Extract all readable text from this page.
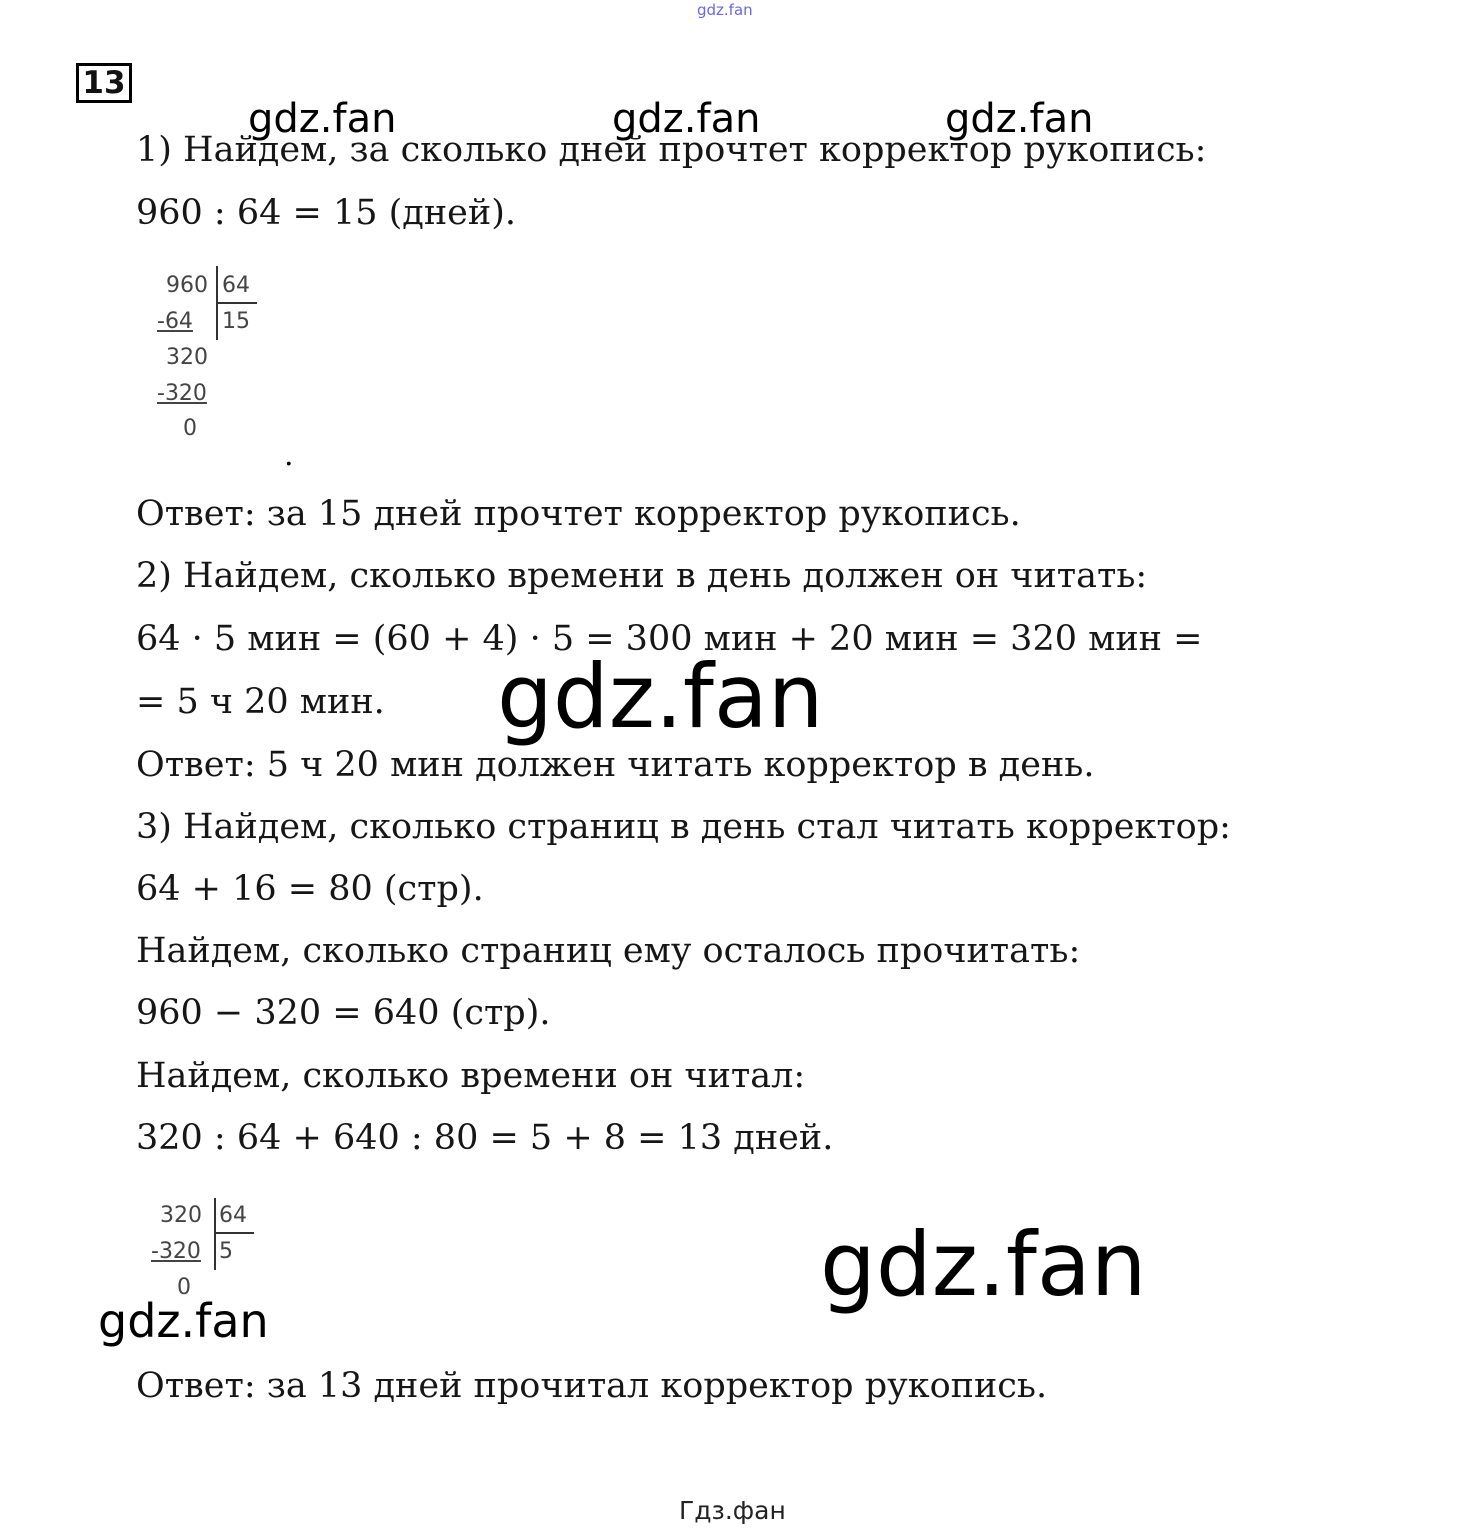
gdz.fan
13
gdz.fan	gdz.fan	gdz.fan
1) Найдем, за сколько дней прочтет корректор рукопись:
960 : 64 = 15 (дней).
960 64
15
-64
320
-320
0
.
Ответ: за 15 дней прочтет корректор рукопись.
2) Найдем, сколько времени в день должен он читать:
64 · 5 мин = (60 + 4) · 5 = 300 мин + 20 мин = 320 мин =
= 5 ч 20 мин. gdz.fan
Ответ: 5 ч 20 мин должен читать корректор в день.
3) Найдем, сколько страниц в день стал читать корректор:
64 + 16 = 80 (стр).
Найдем, сколько страниц ему осталось прочитать:
960 − 320 = 640 (стр).
Найдем, сколько времени он читал:
320 : 64 + 640 : 80 = 5 + 8 = 13 дней.
320 64
5
-320
0	gdz.fan
gdz.fan
Ответ: за 13 дней прочитал корректор рукопись.
Гдз.фан
